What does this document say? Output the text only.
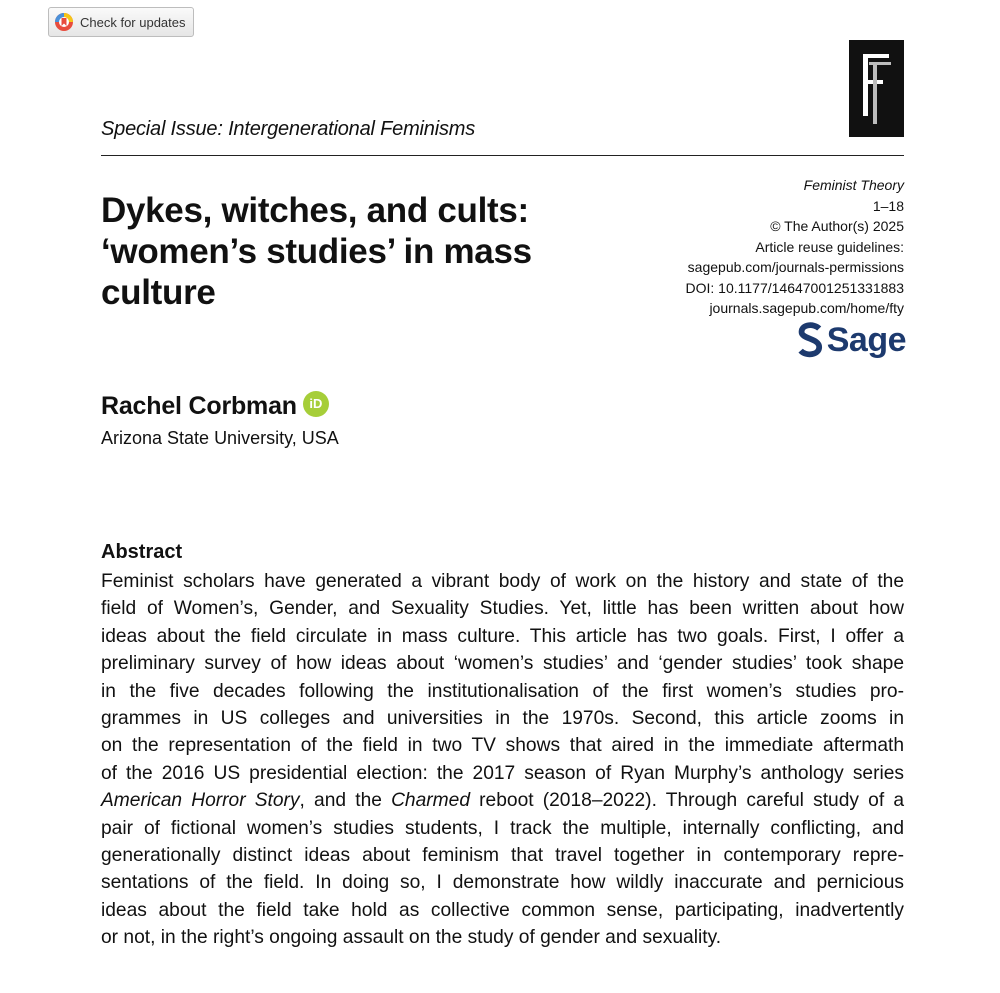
Check for updates
Special Issue: Intergenerational Feminisms
Dykes, witches, and cults:
‘women’s studies’ in mass
culture
Feminist Theory
1–18
© The Author(s) 2025
Article reuse guidelines:
sagepub.com/journals-permissions
DOI: 10.1177/14647001251331883
journals.sagepub.com/home/fty
Sage
Rachel Corbman iD
Arizona State University, USA
Abstract
Feminist scholars have generated a vibrant body of work on the history and state of the
field of Women’s, Gender, and Sexuality Studies. Yet, little has been written about how
ideas about the field circulate in mass culture. This article has two goals. First, I offer a
preliminary survey of how ideas about ‘women’s studies’ and ‘gender studies’ took shape
in the five decades following the institutionalisation of the first women’s studies pro-
grammes in US colleges and universities in the 1970s. Second, this article zooms in
on the representation of the field in two TV shows that aired in the immediate aftermath
of the 2016 US presidential election: the 2017 season of Ryan Murphy’s anthology series
American Horror Story, and the Charmed reboot (2018–2022). Through careful study of a
pair of fictional women’s studies students, I track the multiple, internally conflicting, and
generationally distinct ideas about feminism that travel together in contemporary repre-
sentations of the field. In doing so, I demonstrate how wildly inaccurate and pernicious
ideas about the field take hold as collective common sense, participating, inadvertently
or not, in the right’s ongoing assault on the study of gender and sexuality.
